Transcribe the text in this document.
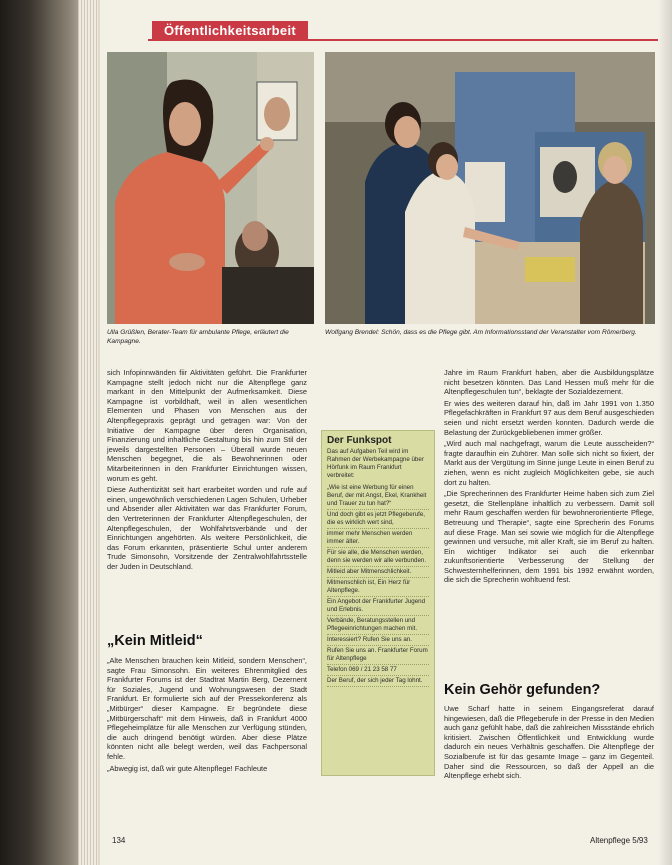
Öffentlichkeitsarbeit
Ulla Grüßlen, Berater-Team für ambulante Pflege, erläutert die Kampagne.
Wolfgang Brendel: Schön, dass es die Pflege gibt. Am Informationsstand der Veranstalter vom Römerberg.

sich Infopinnwänden fiir Aktivitäten geführt. Die Frankfurter Kampagne stellt jedoch nicht nur die Altenpflege ganz markant in den Mittelpunkt der Aufmerksamkeit. Diese Kampagne ist vorbildhaft, weil in allen wesentlichen Elementen und Phasen von Menschen aus der Altenpflegepraxis geprägt und getragen war: Von der Initiative der Kampagne über deren Organisation, Finanzierung und inhaltliche Gestaltung bis hin zum Stil der jeweils dargestellten Personen – Überall wurde neuen Menschen begegnet, die als Bewohnerinnen oder Mitarbeiterinnen in den Frankfurter Einrichtungen wissen, worum es geht.

Diese Authentizität seit hart erarbeitet worden und rufe auf einen, ungewöhnlich verschiedenen Lagen Schulen, Urheber und Absender aller Aktivitäten war das Frankfurter Forum, den Vertreterinnen der Frankfurter Altenpflegeschulen, der Altenpflegeschulen, der Wohlfahrtsverbände und der Einrichtungen angehörten. Als weitere Persönlichkeit, die das Forum erkannten, präsentierte Schul unter anderem Trude Simonsohn, Vorsitzende der Zentralwohlfahrtsstelle der Juden in Deutschland.

„Kein Mitleid“

„Alte Menschen brauchen kein Mitleid, sondern Menschen“, sagte Frau Simonsohn. Ein weiteres Ehrenmitglied des Frankfurter Forums ist der Stadtrat Martin Berg, Dezernent für Soziales, Jugend und Wohnungswesen der Stadt Frankfurt. Er formulierte sich auf der Pressekonferenz als „Mitbürger“ dieser Kampagne. Er begründete diese „Mitbürgerschaft“ mit dem Hinweis, daß in Frankfurt 4000 Pflegeheimplätze für alle Menschen zur Verfügung stünden, die auch dringend benötigt würden. Aber diese Plätze könnten nicht alle belegt werden, weil das Fachpersonal fehle.

„Abwegig ist, daß wir gute Altenpflege! Fachleute

Der Funkspot
Das auf Aufgaben Teil wird im Rahmen der Werbekampagne über Hörfunk im Raum Frankfurt verbreitet:
„Wie ist eine Werbung für einen Beruf, der mit Angst, Ekel, Krankheit und Trauer zu tun hat?“
Und doch gibt es jetzt Pflegeberufe, die es wirklich wert sind,
immer mehr Menschen werden immer älter.
Für sie alle, die Menschen werden, denn sie werden wir alle verbunden.
Mitleid aber Mitmenschlichkeit.
Mitmenschlich ist, Ein Herz für Altenpflege.
Ein Angebot der Frankfurter Jugend und Erlebnis.
Verbände, Beratungsstellen und Pflegeeinrichtungen machen mit.
Interessiert? Rufen Sie uns an.
Rufen Sie uns an. Frankfurter Forum für Altenpflege
Telefon 069 / 21 23 58 77
Der Beruf, der sich jeder Tag lohnt.

Jahre im Raum Frankfurt haben, aber die Ausbildungsplätze nicht besetzen könnten. Das Land Hessen muß mehr für die Altenpflegeschulen tun“, beklagte der Sozialdezernent.

Er wies des weiteren darauf hin, daß im Jahr 1991 von 1.350 Pflegefachkräften in Frankfurt 97 aus dem Beruf ausgeschieden seien und nicht ersetzt werden konnten. Dadurch werde die Belastung der Zurückgebliebenen immer größer.

„Wird auch mal nachgefragt, warum die Leute ausscheiden?“ fragte daraufhin ein Zuhörer. Man solle sich nicht so fixiert, der Markt aus der Vergütung im Sinne junge Leute in einen Beruf zu ziehen, wenn es nicht zugleich Möglichkeiten gebe, sie auch dort zu halten.

„Die Sprecherinnen des Frankfurter Heime haben sich zum Ziel gesetzt, die Stellenpläne inhaltlich zu verbessern. Damit soll mehr Raum geschaffen werden für bewohnerorientierte Pflege, Betreuung und Therapie“, sagte eine Sprecherin des Forums auf diese Frage. Man sei sowie wie möglich für die Altenpflege gewinnen und versuche, mit aller Kraft, sie im Beruf zu halten. Ein wichtiger Indikator sei auch die erkennbar zukunftsorientierte Verbesserung der Stellung der Schwesternhelferinnen, dem 1991 bis 1992 erwähnt worden, die sich die Sprecherin wohltuend fest.

Kein Gehör gefunden?

Uwe Scharf hatte in seinem Eingangsreferat darauf hingewiesen, daß die Pflegeberufe in der Presse in den Medien auch ganz gefühlt habe, daß die zahlreichen Missstände ehrlich kritisiert. Zwischen Öffentlichkeit und Entwicklung wurde dadurch ein neues Verhältnis geschaffen. Die Altenpflege der Sozialberufe ist für das gesamte Image – ganz im Gegenteil. Daher sind die Ressourcen, so daß der Appell an die Altenpflege erhebt sich.

134	Altenpflege 5/93
